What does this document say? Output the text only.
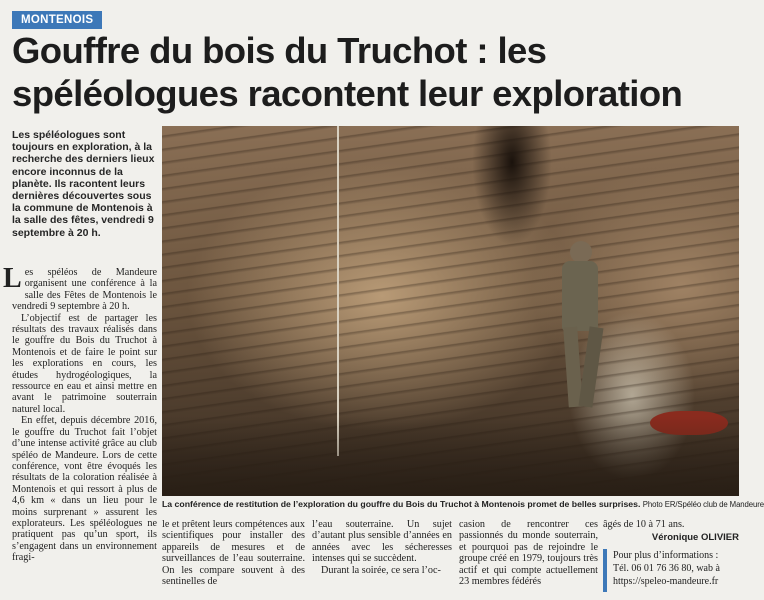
MONTENOIS
Gouffre du bois du Truchot : les
spéléologues racontent leur exploration

Les spéléologues sont toujours en exploration, à la recherche des derniers lieux encore inconnus de la planète. Ils racontent leurs dernières découvertes sous la commune de Montenois à la salle des fêtes, vendredi 9 septembre à 20 h.

Les spéléos de Mandeure organisent une conférence à la salle des Fêtes de Montenois le vendredi 9 septembre à 20 h.

L’objectif est de partager les résultats des travaux réalisés dans le gouffre du Bois du Truchot à Montenois et de faire le point sur les explorations en cours, les études hydrogéologiques, la ressource en eau et ainsi mettre en avant le patrimoine souterrain naturel local.

En effet, depuis décembre 2016, le gouffre du Truchot fait l’objet d’une intense activité grâce au club spéléo de Mandeure. Lors de cette conférence, vont être évoqués les résultats de la coloration réalisée à Montenois et qui ressort à plus de 4,6 km « dans un lieu pour le moins surprenant » assurent les explorateurs. Les spéléologues ne pratiquent pas qu’un sport, ils s’engagent dans un environnement fragi-

La conférence de restitution de l’exploration du gouffre du Bois du Truchot à Montenois promet de belles surprises. Photo ER/Spéléo club de Mandeure

le et prêtent leurs compétences aux scientifiques pour installer des appareils de mesures et de surveillances de l’eau souterraine. On les compare souvent à des sentinelles de

l’eau souterraine. Un sujet d’autant plus sensible d’années en années avec les sécheresses intenses qui se succèdent.

Durant la soirée, ce sera l’oc-

casion de rencontrer ces passionnés du monde souterrain, et pourquoi pas de rejoindre le groupe créé en 1979, toujours très actif et qui compte actuellement 23 membres fédérés

âgés de 10 à 71 ans.

Véronique OLIVIER
Pour plus d’informations :
Tél. 06 01 76 36 80, wab à
https://speleo-mandeure.fr
